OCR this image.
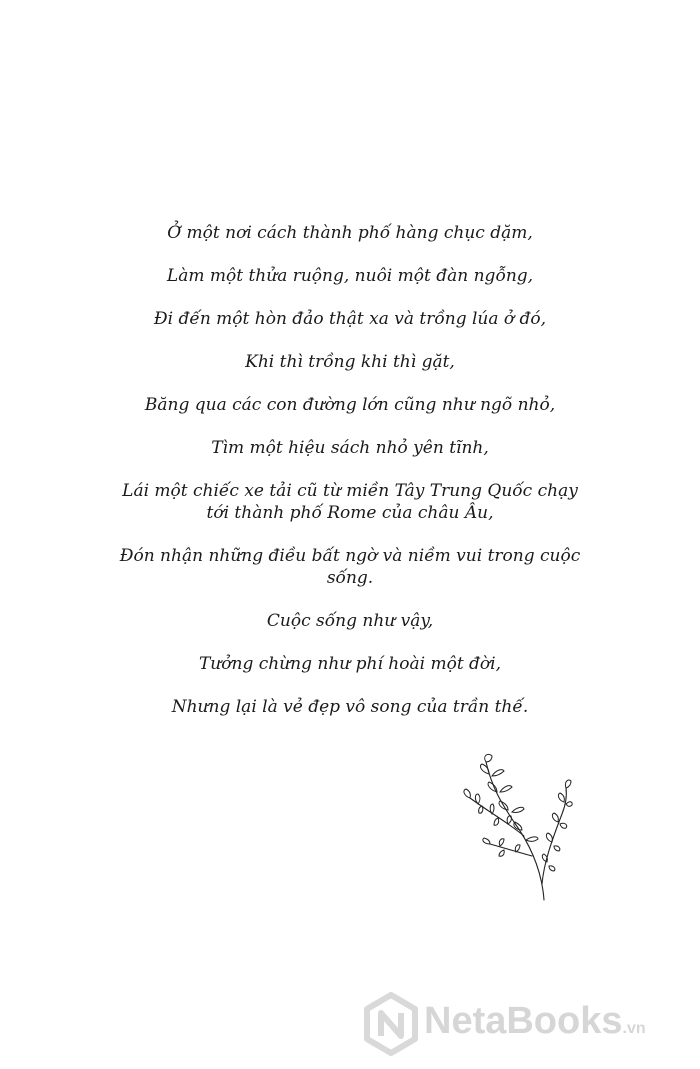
Ở một nơi cách thành phố hàng chục dặm,

Làm một thửa ruộng, nuôi một đàn ngỗng,

Đi đến một hòn đảo thật xa và trồng lúa ở đó,

Khi thì trồng khi thì gặt,

Băng qua các con đường lớn cũng như ngõ nhỏ,

Tìm một hiệu sách nhỏ yên tĩnh,

Lái một chiếc xe tải cũ từ miền Tây Trung Quốc chạy
tới thành phố Rome của châu Âu,

Đón nhận những điều bất ngờ và niềm vui trong cuộc
sống.

Cuộc sống như vậy,

Tưởng chừng như phí hoài một đời,

Nhưng lại là vẻ đẹp vô song của trần thế.

NetaBooks.vn
